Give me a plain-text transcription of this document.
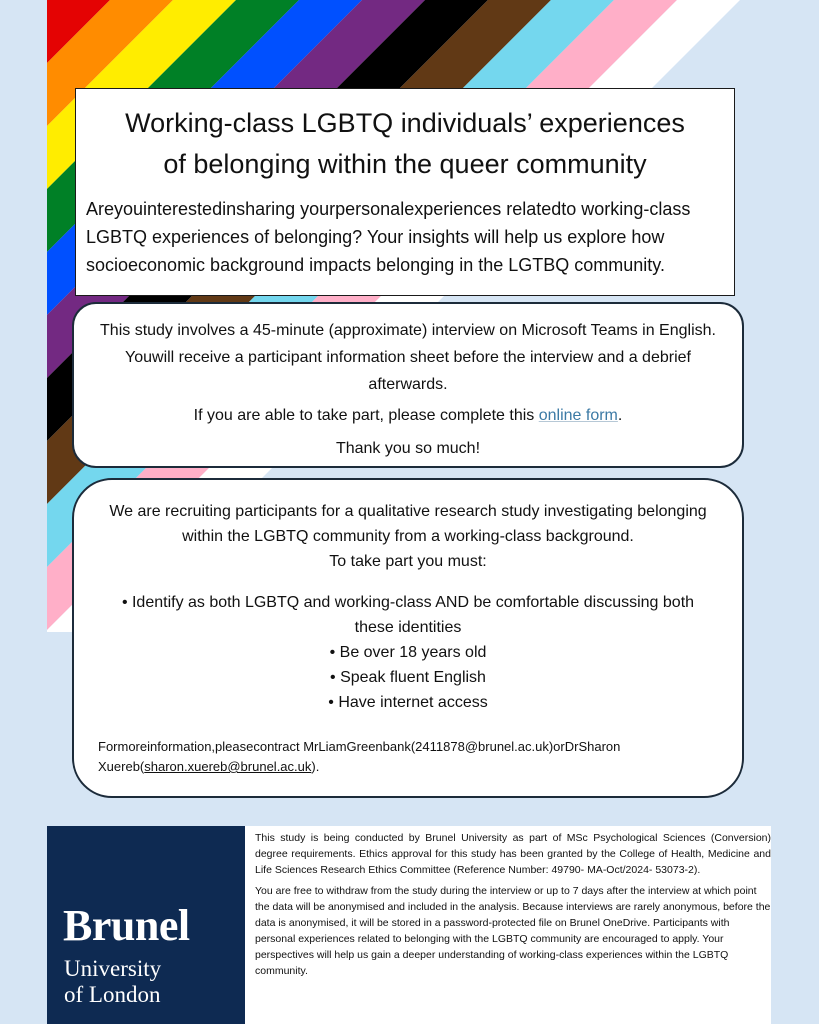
Working-class LGBTQ individuals’ experiences
of belonging within the queer community

Areyouinterestedinsharing yourpersonalexperiences relatedto working-class LGBTQ experiences of belonging? Your insights will help us explore how socioeconomic background impacts belonging in the LGTBQ community.

This study involves a 45-minute (approximate) interview on Microsoft Teams in English. Youwill receive a participant information sheet before the interview and a debrief afterwards.

If you are able to take part, please complete this online form.

Thank you so much!

We are recruiting participants for a qualitative research study investigating belonging within the LGBTQ community from a working-class background.
To take part you must:

• Identify as both LGBTQ and working-class AND be comfortable discussing both these identities
• Be over 18 years old
• Speak fluent English
• Have internet access

Formoreinformation,pleasecontract MrLiamGreenbank(2411878@brunel.ac.uk)orDrSharon Xuereb(sharon.xuereb@brunel.ac.uk).

Brunel
University
of London

This study is being conducted by Brunel University as part of MSc Psychological Sciences (Conversion) degree requirements. Ethics approval for this study has been granted by the College of Health, Medicine and Life Sciences Research Ethics Committee (Reference Number: 49790- MA-Oct/2024- 53073-2).

You are free to withdraw from the study during the interview or up to 7 days after the interview at which point the data will be anonymised and included in the analysis. Because interviews are rarely anonymous, before the data is anonymised, it will be stored in a password-protected file on Brunel OneDrive. Participants with personal experiences related to belonging with the LGBTQ community are encouraged to apply. Your perspectives will help us gain a deeper understanding of working-class experiences within the LGBTQ community.
